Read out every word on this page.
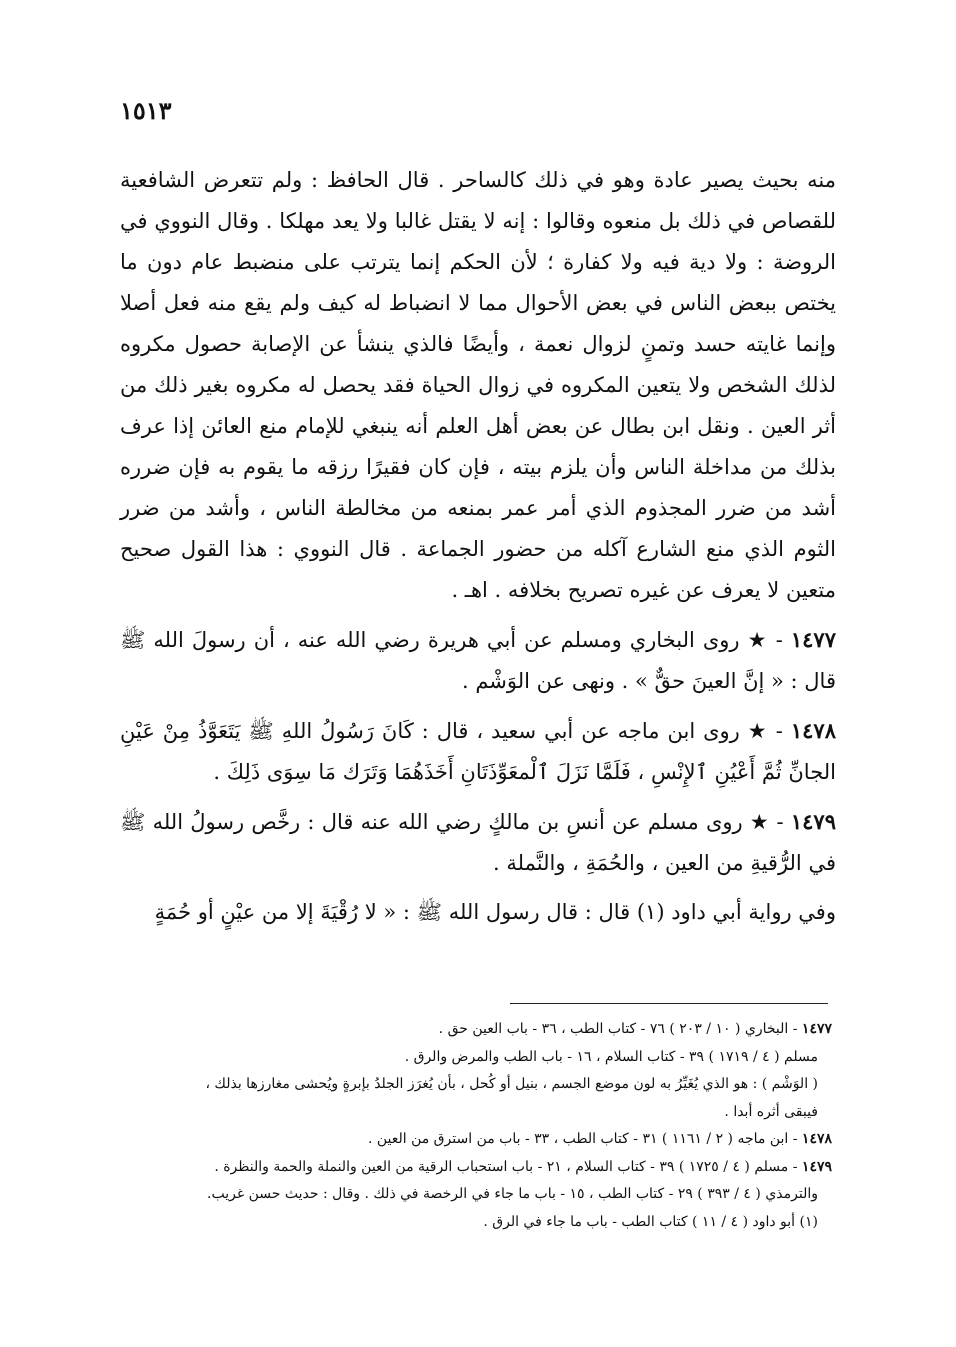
١٥١٣

منه بحيث يصير عادة وهو في ذلك كالساحر . قال الحافظ : ولم تتعرض الشافعية للقصاص في ذلك بل منعوه وقالوا : إنه لا يقتل غالبا ولا يعد مهلكا . وقال النووي في الروضة : ولا دية فيه ولا كفارة ؛ لأن الحكم إنما يترتب على منضبط عام دون ما يختص ببعض الناس في بعض الأحوال مما لا انضباط له كيف ولم يقع منه فعل أصلا وإنما غايته حسد وتمنٍ لزوال نعمة ، وأيضًا فالذي ينشأ عن الإصابة حصول مكروه لذلك الشخص ولا يتعين المكروه في زوال الحياة فقد يحصل له مكروه بغير ذلك من أثر العين . ونقل ابن بطال عن بعض أهل العلم أنه ينبغي للإمام منع العائن إذا عرف بذلك من مداخلة الناس وأن يلزم بيته ، فإن كان فقيرًا رزقه ما يقوم به فإن ضرره أشد من ضرر المجذوم الذي أمر عمر بمنعه من مخالطة الناس ، وأشد من ضرر الثوم الذي منع الشارع آكله من حضور الجماعة . قال النووي : هذا القول صحيح متعين لا يعرف عن غيره تصريح بخلافه . اهـ .

١٤٧٧ - ★ روى البخاري ومسلم عن أبي هريرة رضي الله عنه ، أن رسولَ الله ﷺ قال : « إنَّ العينَ حقٌّ » . ونهى عن الوَشْم .

١٤٧٨ - ★ روى ابن ماجه عن أبي سعيد ، قال : كَانَ رَسُولُ اللهِ ﷺ يَتَعَوَّذُ مِنْ عَيْنِ الجانِّ ثُمَّ أَعْيُنِ ٱلإِنْسِ ، فَلَمَّا نَزَلَ ٱلْمعَوِّذَتَانِ أَخَذَهُمَا وَتَرَك مَا سِوَى ذَلِكَ .

١٤٧٩ - ★ روى مسلم عن أنسِ بن مالكٍ رضي الله عنه قال : رخَّص رسولُ الله ﷺ في الرُّقيةِ من العين ، والحُمَةِ ، والنَّملة .

وفي رواية أبي داود (١) قال : قال رسول الله ﷺ : « لا رُقْيَةَ إلا من عيْنٍ أو حُمَةٍ

١٤٧٧ - البخاري ( ١٠ / ٢٠٣ ) ٧٦ - كتاب الطب ، ٣٦ - باب العين حق .

مسلم ( ٤ / ١٧١٩ ) ٣٩ - كتاب السلام ، ١٦ - باب الطب والمرض والرق .

( الوَشْم ) : هو الذي يُغَيِّرُ به لون موضع الجسم ، بنيل أو كُحل ، بأن يُغرَز الجلدُ بإبرةٍ ويُحشى مغارزها بذلك ،

فيبقى أثره أبدا .

١٤٧٨ - ابن ماجه ( ٢ / ١١٦١ ) ٣١ - كتاب الطب ، ٣٣ - باب من استرق من العين .

١٤٧٩ - مسلم ( ٤ / ١٧٢٥ ) ٣٩ - كتاب السلام ، ٢١ - باب استحباب الرقية من العين والنملة والحمة والنظرة .

والترمذي ( ٤ / ٣٩٣ ) ٢٩ - كتاب الطب ، ١٥ - باب ما جاء في الرخصة في ذلك . وقال : حديث حسن غريب.

(١) أبو داود ( ٤ / ١١ ) كتاب الطب - باب ما جاء في الرق .
